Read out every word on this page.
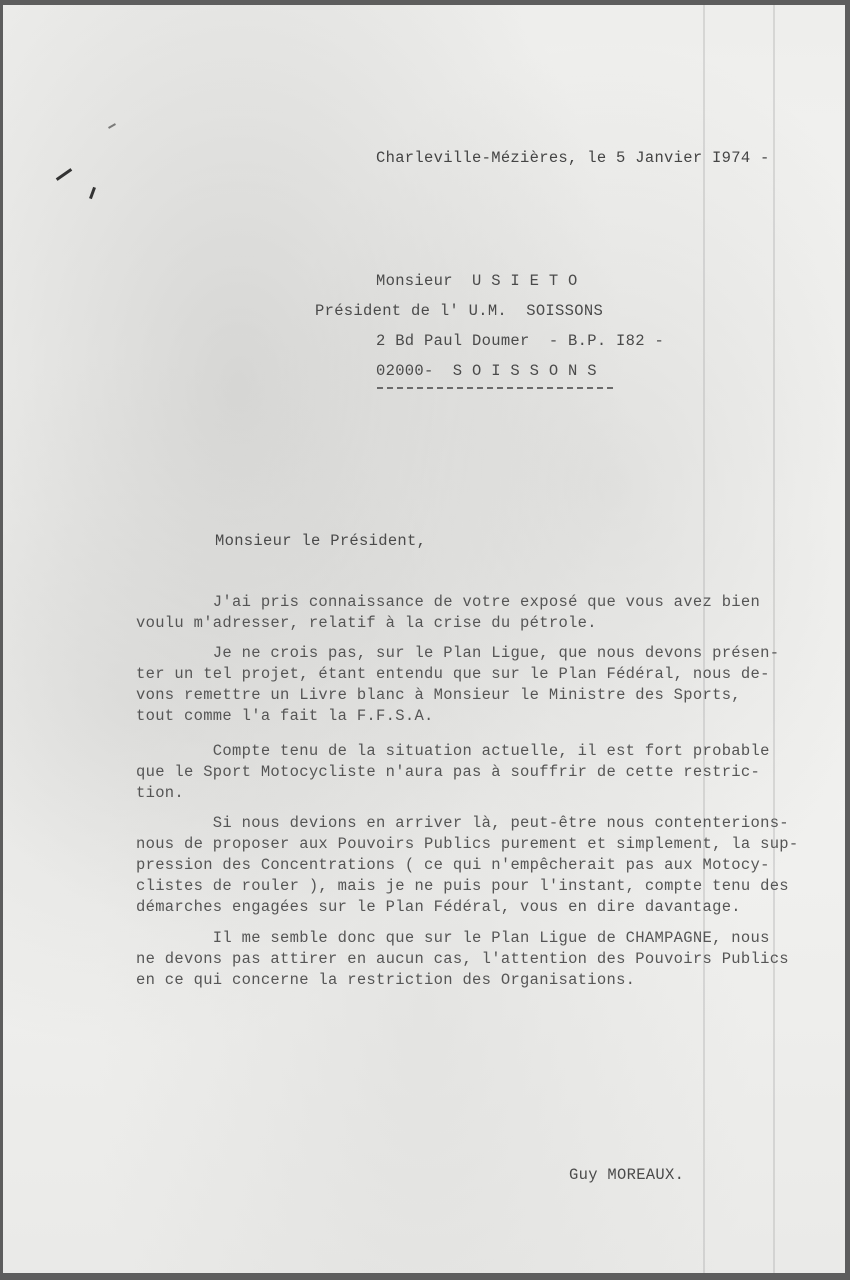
Charleville-Mézières, le 5 Janvier I974 -
Monsieur  U S I E T O
Président de l' U.M.  SOISSONS
2 Bd Paul Doumer  - B.P. I82 -
02000-  S O I S S O N S
Monsieur le Président,

J'ai pris connaissance de votre exposé que vous avez bien
voulu m'adresser, relatif à la crise du pétrole.

Je ne crois pas, sur le Plan Ligue, que nous devons présen-
ter un tel projet, étant entendu que sur le Plan Fédéral, nous de-
vons remettre un Livre blanc à Monsieur le Ministre des Sports,
tout comme l'a fait la F.F.S.A.

Compte tenu de la situation actuelle, il est fort probable
que le Sport Motocycliste n'aura pas à souffrir de cette restric-
tion.

Si nous devions en arriver là, peut-être nous contenterions-
nous de proposer aux Pouvoirs Publics purement et simplement, la sup-
pression des Concentrations ( ce qui n'empêcherait pas aux Motocy-
clistes de rouler ), mais je ne puis pour l'instant, compte tenu des
démarches engagées sur le Plan Fédéral, vous en dire davantage.

Il me semble donc que sur le Plan Ligue de CHAMPAGNE, nous
ne devons pas attirer en aucun cas, l'attention des Pouvoirs Publics
en ce qui concerne la restriction des Organisations.

Guy MOREAUX.
